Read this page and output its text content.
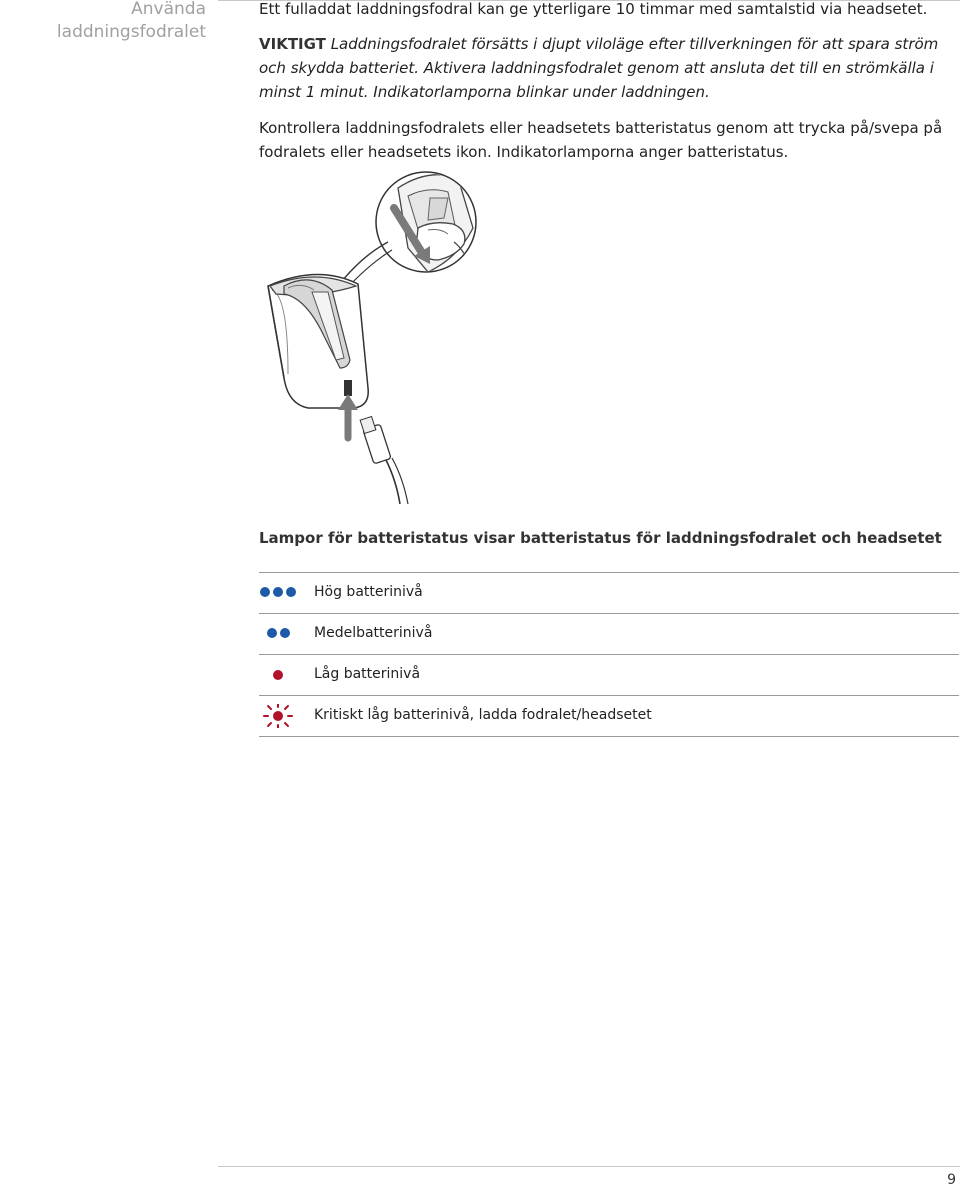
Använda
laddningsfodralet

Ett fulladdat laddningsfodral kan ge ytterligare 10 timmar med samtalstid via headsetet.

VIKTIGT Laddningsfodralet försätts i djupt viloläge efter tillverkningen för att spara ström och skydda batteriet. Aktivera laddningsfodralet genom att ansluta det till en strömkälla i minst 1 minut. Indikatorlamporna blinkar under laddningen.

Kontrollera laddningsfodralets eller headsetets batteristatus genom att trycka på/svepa på fodralets eller headsetets ikon. Indikatorlamporna anger batteristatus.

Lampor för batteristatus visar batteristatus för laddningsfodralet och headsetet
Hög batterinivå
Medelbatterinivå
Låg batterinivå
Kritiskt låg batterinivå, ladda fodralet/headsetet
9
